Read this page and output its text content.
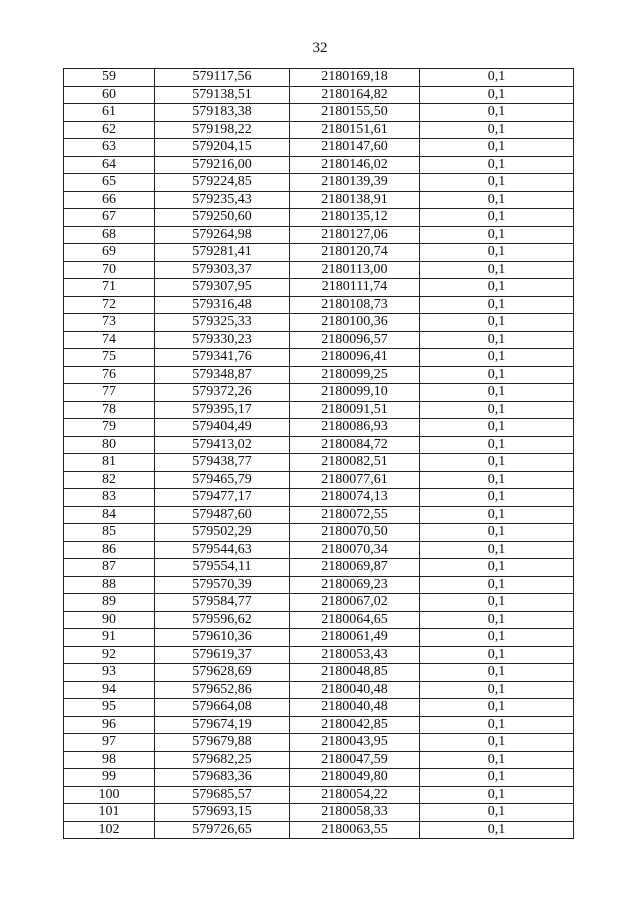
32
59	579117,56	2180169,18	0,1
60	579138,51	2180164,82	0,1
61	579183,38	2180155,50	0,1
62	579198,22	2180151,61	0,1
63	579204,15	2180147,60	0,1
64	579216,00	2180146,02	0,1
65	579224,85	2180139,39	0,1
66	579235,43	2180138,91	0,1
67	579250,60	2180135,12	0,1
68	579264,98	2180127,06	0,1
69	579281,41	2180120,74	0,1
70	579303,37	2180113,00	0,1
71	579307,95	2180111,74	0,1
72	579316,48	2180108,73	0,1
73	579325,33	2180100,36	0,1
74	579330,23	2180096,57	0,1
75	579341,76	2180096,41	0,1
76	579348,87	2180099,25	0,1
77	579372,26	2180099,10	0,1
78	579395,17	2180091,51	0,1
79	579404,49	2180086,93	0,1
80	579413,02	2180084,72	0,1
81	579438,77	2180082,51	0,1
82	579465,79	2180077,61	0,1
83	579477,17	2180074,13	0,1
84	579487,60	2180072,55	0,1
85	579502,29	2180070,50	0,1
86	579544,63	2180070,34	0,1
87	579554,11	2180069,87	0,1
88	579570,39	2180069,23	0,1
89	579584,77	2180067,02	0,1
90	579596,62	2180064,65	0,1
91	579610,36	2180061,49	0,1
92	579619,37	2180053,43	0,1
93	579628,69	2180048,85	0,1
94	579652,86	2180040,48	0,1
95	579664,08	2180040,48	0,1
96	579674,19	2180042,85	0,1
97	579679,88	2180043,95	0,1
98	579682,25	2180047,59	0,1
99	579683,36	2180049,80	0,1
100	579685,57	2180054,22	0,1
101	579693,15	2180058,33	0,1
102	579726,65	2180063,55	0,1
